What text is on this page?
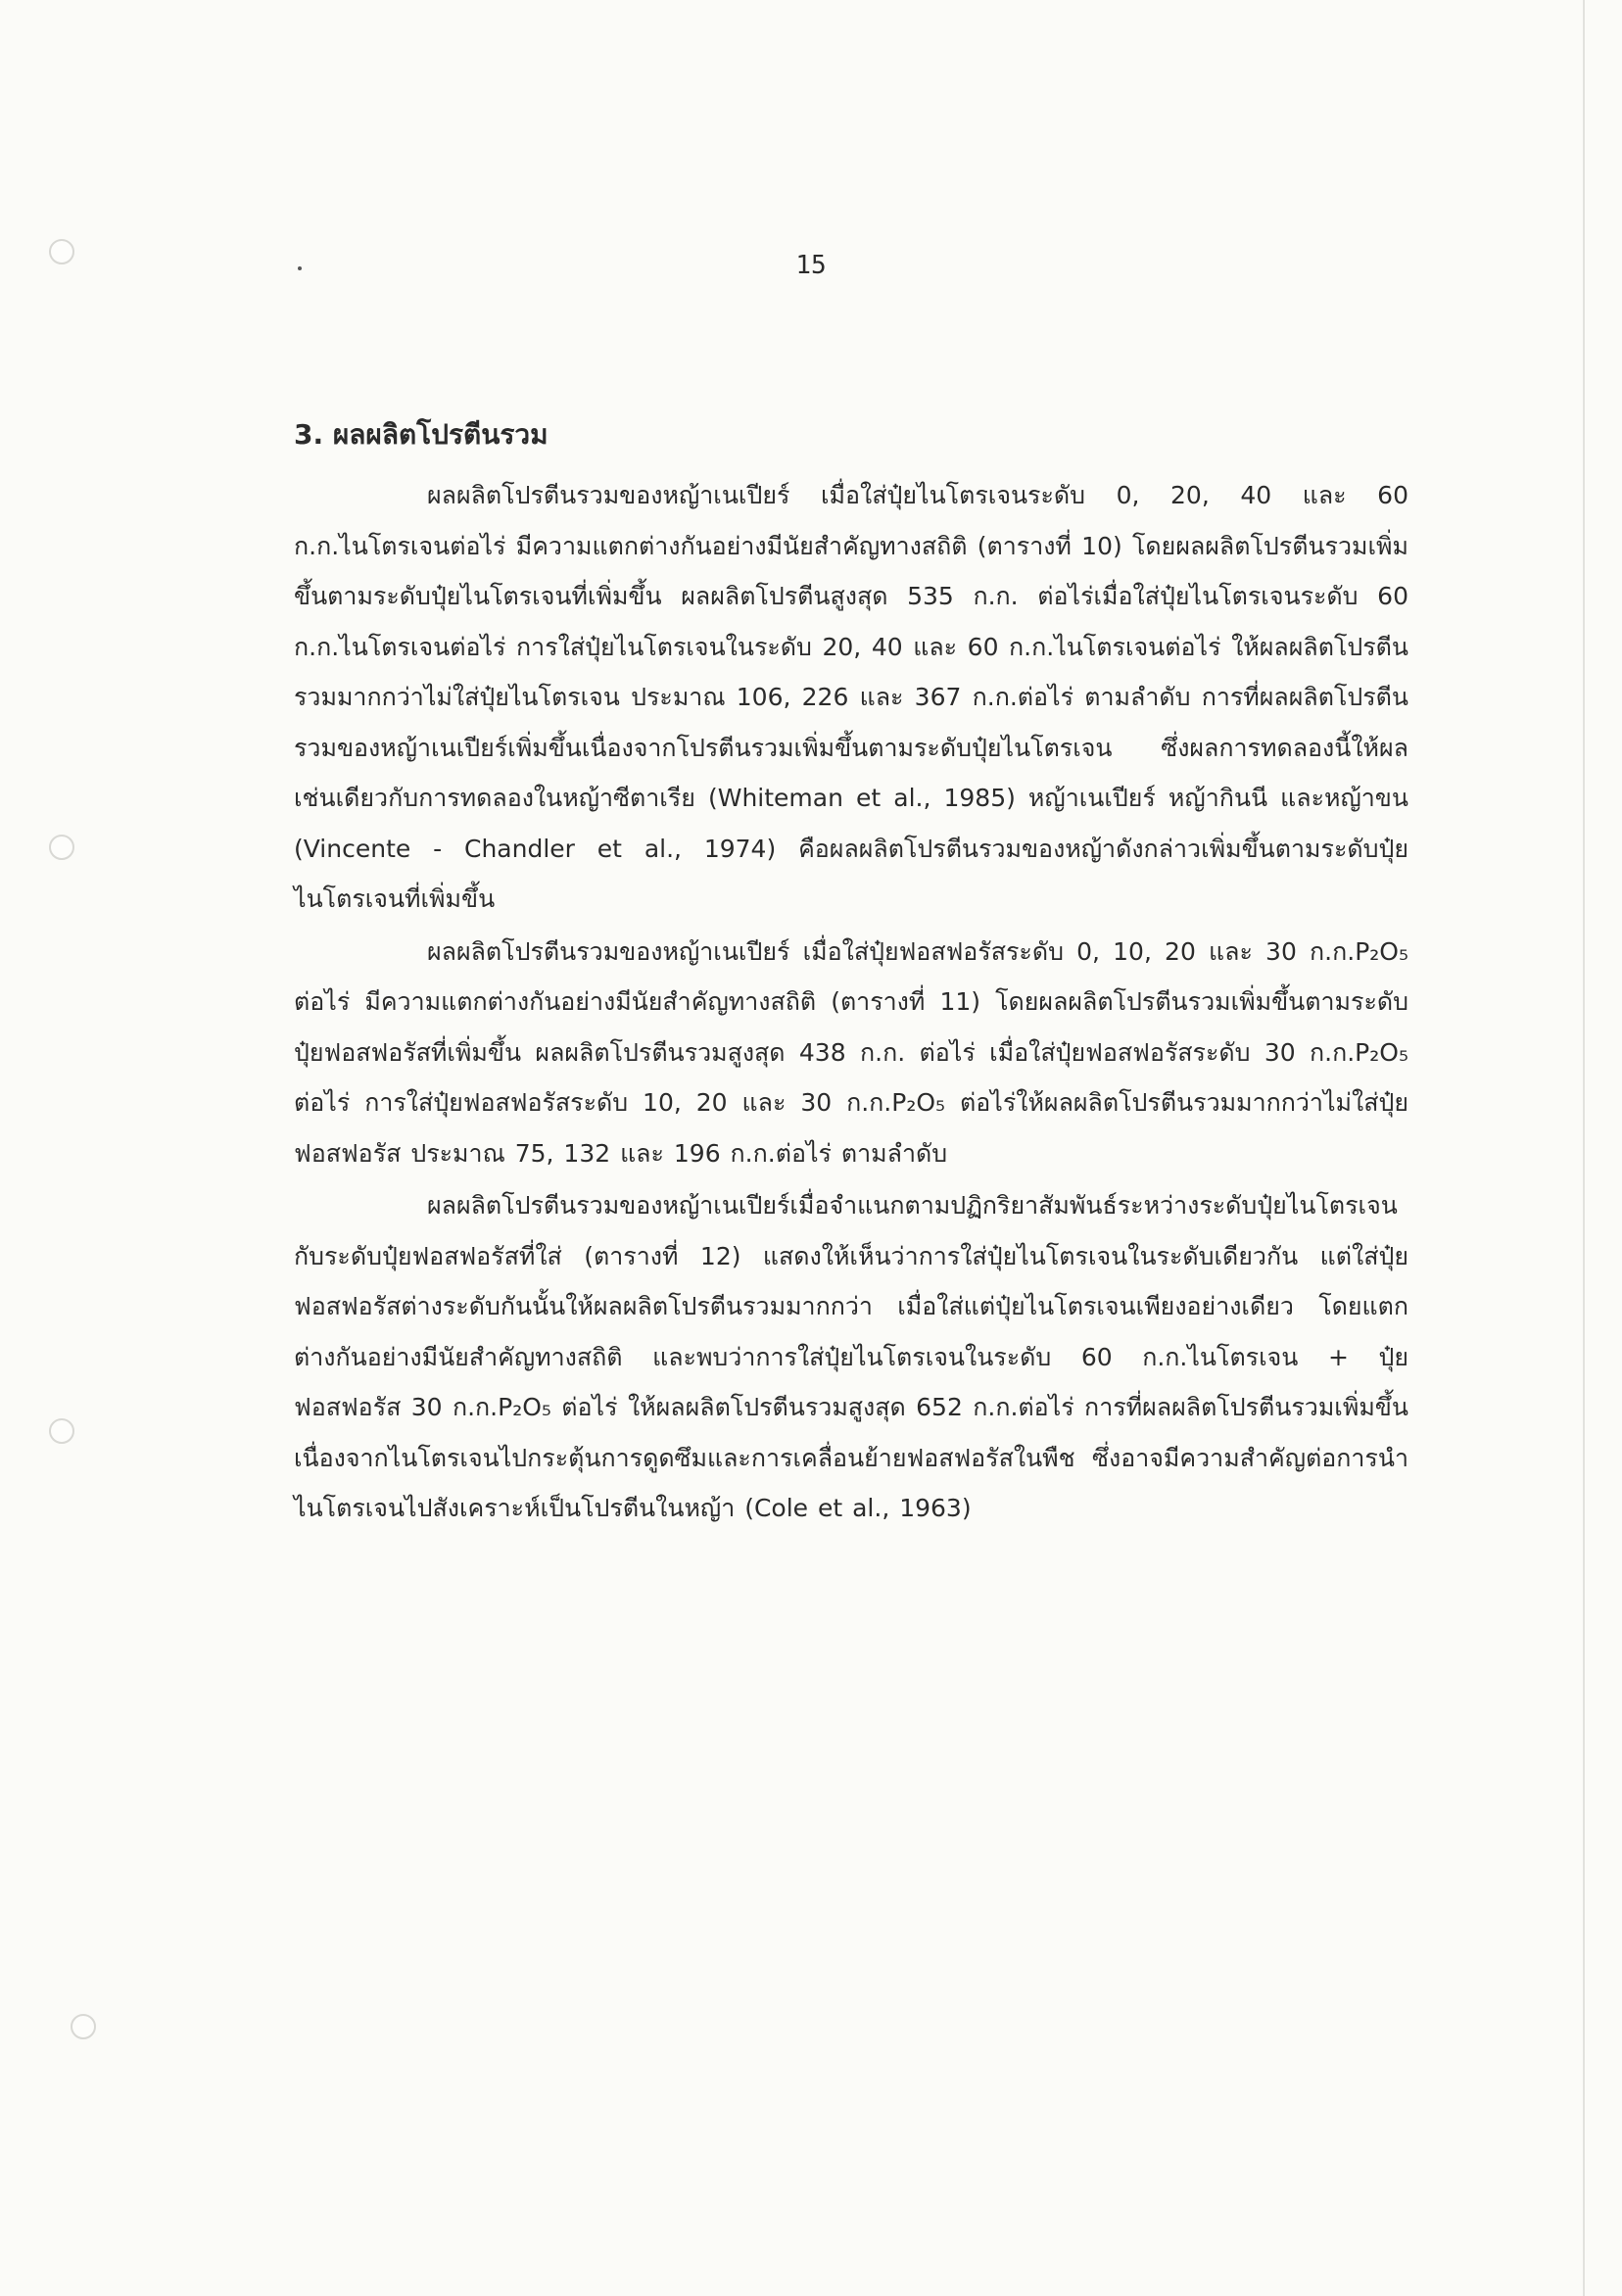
15
3. ผลผลิตโปรตีนรวม

ผลผลิตโปรตีนรวมของหญ้าเนเปียร์ เมื่อใส่ปุ๋ยไนโตรเจนระดับ 0, 20, 40 และ 60 ก.ก.ไนโตรเจนต่อไร่ มีความแตกต่างกันอย่างมีนัยสำคัญทางสถิติ (ตารางที่ 10) โดยผลผลิตโปรตีนรวมเพิ่มขึ้นตามระดับปุ๋ยไนโตรเจนที่เพิ่มขึ้น ผลผลิตโปรตีนสูงสุด 535 ก.ก. ต่อไร่เมื่อใส่ปุ๋ยไนโตรเจนระดับ 60 ก.ก.ไนโตรเจนต่อไร่ การใส่ปุ๋ยไนโตรเจนในระดับ 20, 40 และ 60 ก.ก.ไนโตรเจนต่อไร่ ให้ผลผลิตโปรตีนรวมมากกว่าไม่ใส่ปุ๋ยไนโตรเจน ประมาณ 106, 226 และ 367 ก.ก.ต่อไร่ ตามลำดับ การที่ผลผลิตโปรตีนรวมของหญ้าเนเปียร์เพิ่มขึ้นเนื่องจากโปรตีนรวมเพิ่มขึ้นตามระดับปุ๋ยไนโตรเจน ซึ่งผลการทดลองนี้ให้ผลเช่นเดียวกับการทดลองในหญ้าซีตาเรีย (Whiteman et al., 1985) หญ้าเนเปียร์ หญ้ากินนี และหญ้าขน (Vincente - Chandler et al., 1974) คือผลผลิตโปรตีนรวมของหญ้าดังกล่าวเพิ่มขึ้นตามระดับปุ๋ยไนโตรเจนที่เพิ่มขึ้น

ผลผลิตโปรตีนรวมของหญ้าเนเปียร์ เมื่อใส่ปุ๋ยฟอสฟอรัสระดับ 0, 10, 20 และ 30 ก.ก.P₂O₅ ต่อไร่ มีความแตกต่างกันอย่างมีนัยสำคัญทางสถิติ (ตารางที่ 11) โดยผลผลิตโปรตีนรวมเพิ่มขึ้นตามระดับปุ๋ยฟอสฟอรัสที่เพิ่มขึ้น ผลผลิตโปรตีนรวมสูงสุด 438 ก.ก. ต่อไร่ เมื่อใส่ปุ๋ยฟอสฟอรัสระดับ 30 ก.ก.P₂O₅ ต่อไร่ การใส่ปุ๋ยฟอสฟอรัสระดับ 10, 20 และ 30 ก.ก.P₂O₅ ต่อไร่ให้ผลผลิตโปรตีนรวมมากกว่าไม่ใส่ปุ๋ยฟอสฟอรัส ประมาณ 75, 132 และ 196 ก.ก.ต่อไร่ ตามลำดับ

ผลผลิตโปรตีนรวมของหญ้าเนเปียร์เมื่อจำแนกตามปฏิกริยาสัมพันธ์ระหว่างระดับปุ๋ยไนโตรเจนกับระดับปุ๋ยฟอสฟอรัสที่ใส่ (ตารางที่ 12) แสดงให้เห็นว่าการใส่ปุ๋ยไนโตรเจนในระดับเดียวกัน แต่ใส่ปุ๋ยฟอสฟอรัสต่างระดับกันนั้นให้ผลผลิตโปรตีนรวมมากกว่า เมื่อใส่แต่ปุ๋ยไนโตรเจนเพียงอย่างเดียว โดยแตกต่างกันอย่างมีนัยสำคัญทางสถิติ และพบว่าการใส่ปุ๋ยไนโตรเจนในระดับ 60 ก.ก.ไนโตรเจน + ปุ๋ยฟอสฟอรัส 30 ก.ก.P₂O₅ ต่อไร่ ให้ผลผลิตโปรตีนรวมสูงสุด 652 ก.ก.ต่อไร่ การที่ผลผลิตโปรตีนรวมเพิ่มขึ้นเนื่องจากไนโตรเจนไปกระตุ้นการดูดซึมและการเคลื่อนย้ายฟอสฟอรัสในพืช ซึ่งอาจมีความสำคัญต่อการนำไนโตรเจนไปสังเคราะห์เป็นโปรตีนในหญ้า (Cole et al., 1963)
